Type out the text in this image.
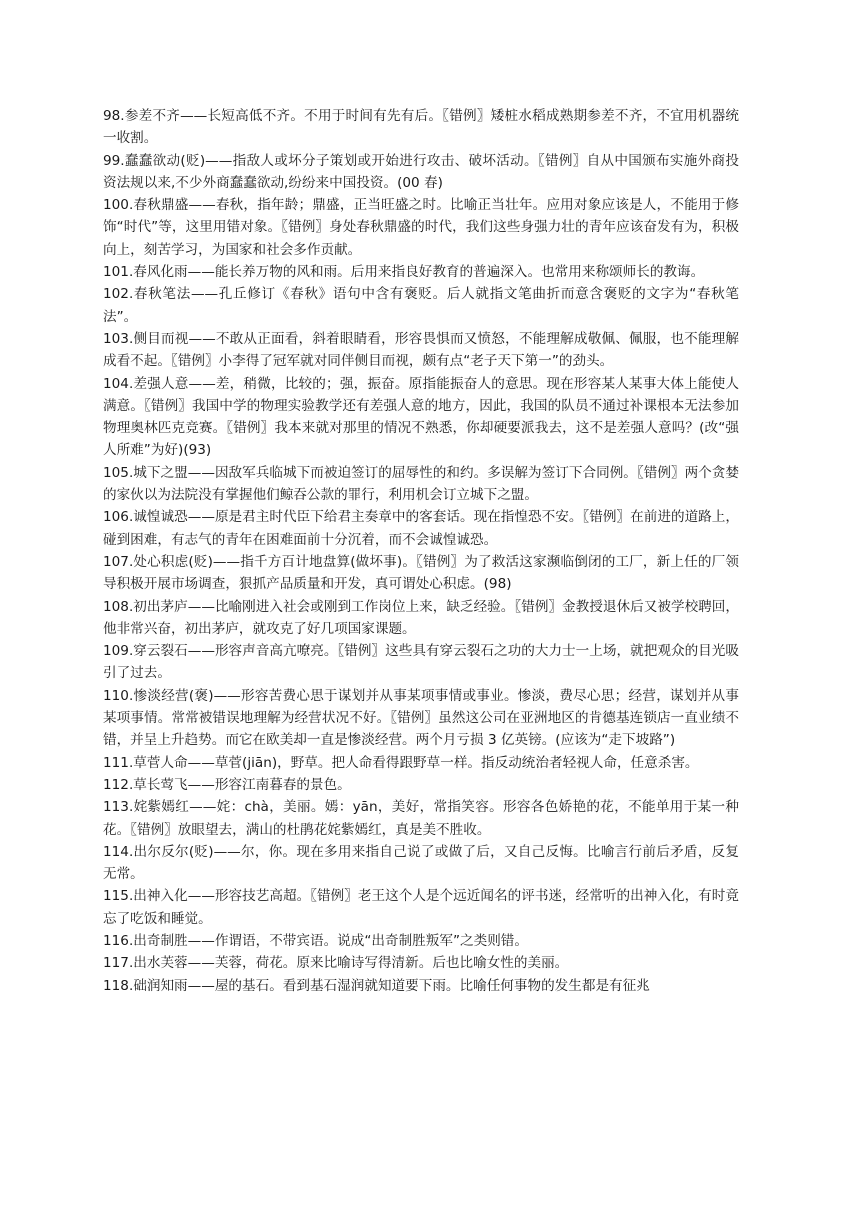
98.参差不齐——长短高低不齐。不用于时间有先有后。〖错例〗矮桩水稻成熟期参差不齐，不宜用机器统一收割。

99.蠢蠢欲动(贬)——指敌人或坏分子策划或开始进行攻击、破坏活动。〖错例〗自从中国颁布实施外商投资法规以来,不少外商蠢蠢欲动,纷纷来中国投资。(00 春)

100.春秋鼎盛——春秋，指年龄；鼎盛，正当旺盛之时。比喻正当壮年。应用对象应该是人，不能用于修饰“时代”等，这里用错对象。〖错例〗身处春秋鼎盛的时代，我们这些身强力壮的青年应该奋发有为，积极向上，刻苦学习，为国家和社会多作贡献。

101.春风化雨——能长养万物的风和雨。后用来指良好教育的普遍深入。也常用来称颂师长的教诲。

102.春秋笔法——孔丘修订《春秋》语句中含有褒贬。后人就指文笔曲折而意含褒贬的文字为“春秋笔法”。

103.侧目而视——不敢从正面看，斜着眼睛看，形容畏惧而又愤怒，不能理解成敬佩、佩服，也不能理解成看不起。〖错例〗小李得了冠军就对同伴侧目而视，颇有点“老子天下第一”的劲头。

104.差强人意——差，稍微，比较的；强，振奋。原指能振奋人的意思。现在形容某人某事大体上能使人满意。〖错例〗我国中学的物理实验教学还有差强人意的地方，因此，我国的队员不通过补课根本无法参加物理奥林匹克竞赛。〖错例〗我本来就对那里的情况不熟悉，你却硬要派我去，这不是差强人意吗？(改“强人所难”为好)(93)

105.城下之盟——因敌军兵临城下而被迫签订的屈辱性的和约。多误解为签订下合同例。〖错例〗两个贪婪的家伙以为法院没有掌握他们鲸吞公款的罪行，利用机会订立城下之盟。

106.诚惶诚恐——原是君主时代臣下给君主奏章中的客套话。现在指惶恐不安。〖错例〗在前进的道路上，碰到困难，有志气的青年在困难面前十分沉着，而不会诚惶诚恐。

107.处心积虑(贬)——指千方百计地盘算(做坏事)。〖错例〗为了救活这家濒临倒闭的工厂，新上任的厂领导积极开展市场调查，狠抓产品质量和开发，真可谓处心积虑。(98)

108.初出茅庐——比喻刚进入社会或刚到工作岗位上来，缺乏经验。〖错例〗金教授退休后又被学校聘回，他非常兴奋，初出茅庐，就攻克了好几项国家课题。

109.穿云裂石——形容声音高亢嘹亮。〖错例〗这些具有穿云裂石之功的大力士一上场，就把观众的目光吸引了过去。

110.惨淡经营(褒)——形容苦费心思于谋划并从事某项事情或事业。惨淡，费尽心思；经营，谋划并从事某项事情。常常被错误地理解为经营状况不好。〖错例〗虽然这公司在亚洲地区的肯德基连锁店一直业绩不错，并呈上升趋势。而它在欧美却一直是惨淡经营。两个月亏损 3 亿英镑。(应该为“走下坡路”)

111.草菅人命——草菅(jiān)，野草。把人命看得跟野草一样。指反动统治者轻视人命，任意杀害。

112.草长莺飞——形容江南暮春的景色。

113.姹紫嫣红——姹：chà，美丽。嫣：yān，美好，常指笑容。形容各色娇艳的花，不能单用于某一种花。〖错例〗放眼望去，满山的杜鹃花姹紫嫣红，真是美不胜收。

114.出尔反尔(贬)——尔，你。现在多用来指自己说了或做了后，又自己反悔。比喻言行前后矛盾，反复无常。

115.出神入化——形容技艺高超。〖错例〗老王这个人是个远近闻名的评书迷，经常听的出神入化，有时竟忘了吃饭和睡觉。

116.出奇制胜——作谓语，不带宾语。说成“出奇制胜叛军”之类则错。

117.出水芙蓉——芙蓉，荷花。原来比喻诗写得清新。后也比喻女性的美丽。

118.础润知雨——屋的基石。看到基石湿润就知道要下雨。比喻任何事物的发生都是有征兆
